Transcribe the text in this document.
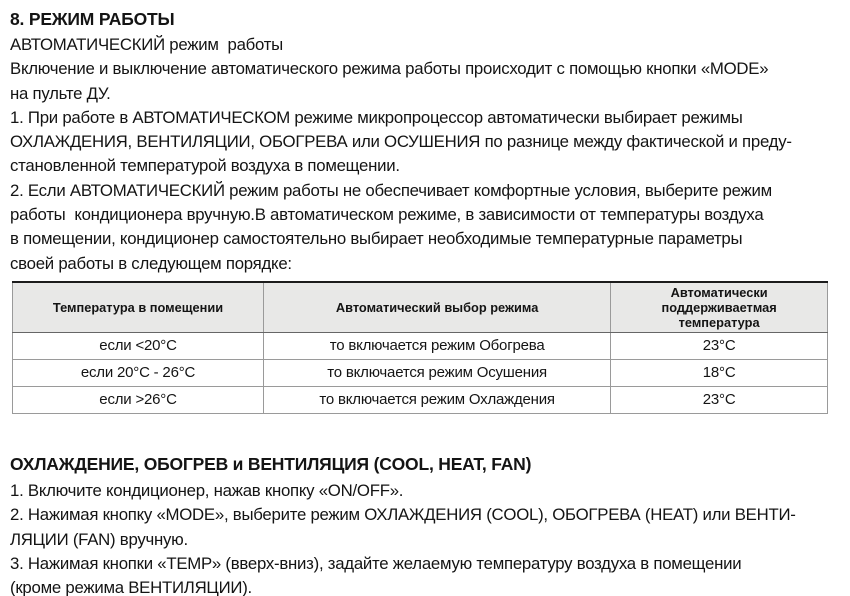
8. РЕЖИМ РАБОТЫ
АВТОМАТИЧЕСКИЙ режим  работы
Включение и выключение автоматического режима работы происходит с помощью кнопки «MODE»
на пульте ДУ.
1. При работе в АВТОМАТИЧЕСКОМ режиме микропроцессор автоматически выбирает режимы
ОХЛАЖДЕНИЯ, ВЕНТИЛЯЦИИ, ОБОГРЕВА или ОСУШЕНИЯ по разнице между фактической и преду-
становленной температурой воздуха в помещении.
2. Если АВТОМАТИЧЕСКИЙ режим работы не обеспечивает комфортные условия, выберите режим
работы  кондиционера вручную.В автоматическом режиме, в зависимости от температуры воздуха
в помещении, кондиционер самостоятельно выбирает необходимые температурные параметры
своей работы в следующем порядке:
Температура в помещении	Автоматический выбор режима	Автоматически поддерживаетмая температура
если <20°C	то включается режим Обогрева	23°C
если 20°C - 26°C	то включается режим Осушения	18°C
если >26°C	то включается режим Охлаждения	23°C
ОХЛАЖДЕНИЕ, ОБОГРЕВ и ВЕНТИЛЯЦИЯ (COOL, HEAT, FAN)
1. Включите кондиционер, нажав кнопку «ON/OFF».
2. Нажимая кнопку «MODE», выберите режим ОХЛАЖДЕНИЯ (COOL), ОБОГРЕВА (HEAT) или ВЕНТИ-
ЛЯЦИИ (FAN) вручную.
3. Нажимая кнопки «TEMP» (вверх-вниз), задайте желаемую температуру воздуха в помещении
(кроме режима ВЕНТИЛЯЦИИ).
